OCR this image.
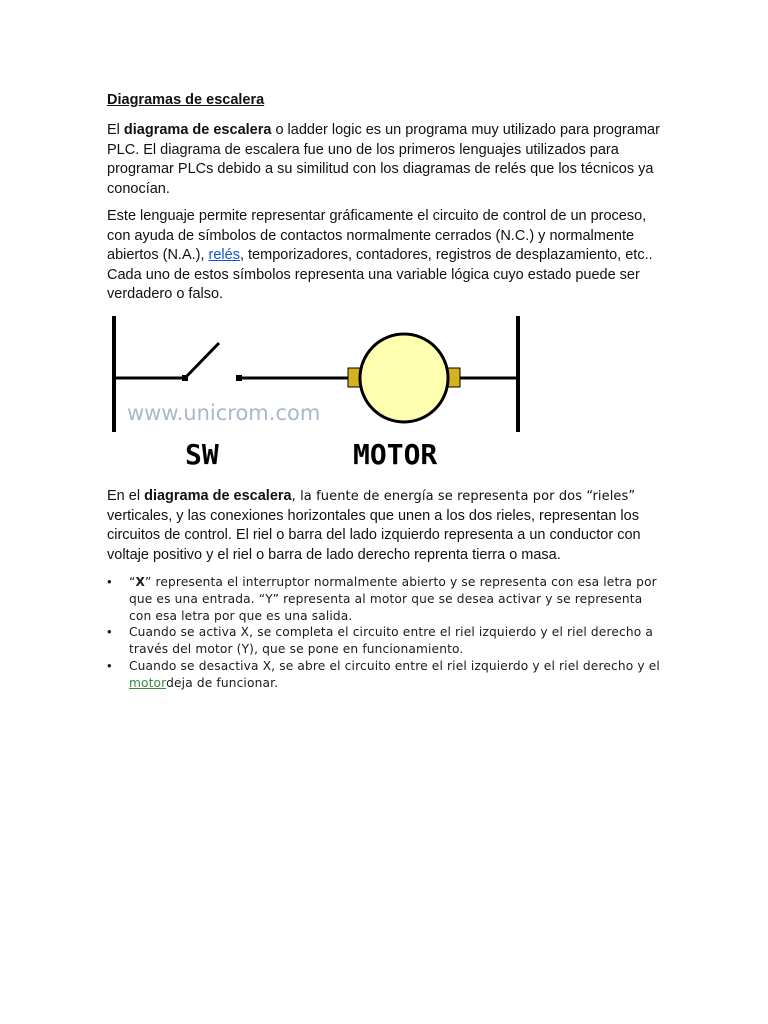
Diagramas de escalera

El diagrama de escalera o ladder logic es un programa muy utilizado para programar PLC. El diagrama de escalera fue uno de los primeros lenguajes utilizados para programar PLCs debido a su similitud con los diagramas de relés que los técnicos ya conocían.

Este lenguaje permite representar gráficamente el circuito de control de un proceso, con ayuda de símbolos de contactos normalmente cerrados (N.C.) y normalmente abiertos (N.A.), relés, temporizadores, contadores, registros de desplazamiento, etc.. Cada uno de estos símbolos representa una variable lógica cuyo estado puede ser verdadero o falso.

www.unicrom.com
SW	MOTOR

En el diagrama de escalera, la fuente de energía se representa por dos “rieles” verticales, y las conexiones horizontales que unen a los dos rieles, representan los circuitos de control. El riel o barra del lado izquierdo representa a un conductor con voltaje positivo y el riel o barra de lado derecho reprenta tierra o masa.

• “X” representa el interruptor normalmente abierto y se representa con esa letra por que es una entrada. “Y” representa al motor que se desea activar y se representa con esa letra por que es una salida.
• Cuando se activa X, se completa el circuito entre el riel izquierdo y el riel derecho a través del motor (Y), que se pone en funcionamiento.
• Cuando se desactiva X, se abre el circuito entre el riel izquierdo y el riel derecho y el motordeja de funcionar.
